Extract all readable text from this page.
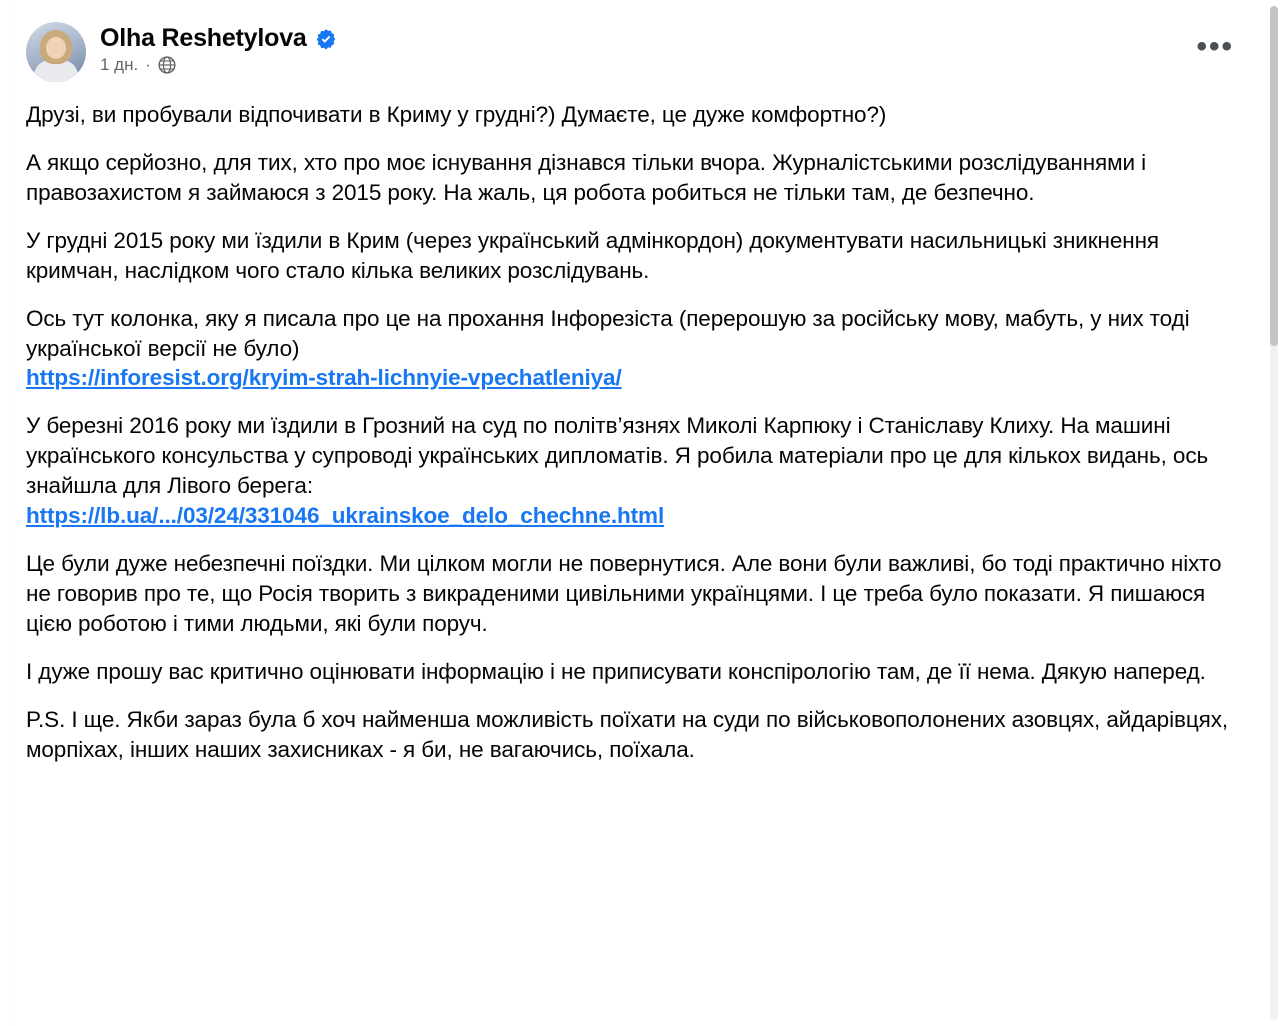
Olha Reshetylova
1 дн. ·
•••

Друзі, ви пробували відпочивати в Криму у грудні?) Думаєте, це дуже комфортно?)

А якщо серйозно, для тих, хто про моє існування дізнався тільки вчора. Журналістськими розслідуваннями і правозахистом я займаюся з 2015 року. На жаль, ця робота робиться не тільки там, де безпечно.

У грудні 2015 року ми їздили в Крим (через український адмінкордон) документувати насильницькі зникнення кримчан, наслідком чого стало кілька великих розслідувань.

Ось тут колонка, яку я писала про це на прохання Інфорезіста (перерошую за російську мову, мабуть, у них тоді української версії не було)
https://inforesist.org/kryim-strah-lichnyie-vpechatleniya/

У березні 2016 року ми їздили в Грозний на суд по політв’язнях Миколі Карпюку і Станіславу Клиху. На машині українського консульства у супроводі українських дипломатів. Я робила матеріали про це для кількох видань, ось знайшла для Лівого берега:
https://lb.ua/.../03/24/331046_ukrainskoe_delo_chechne.html

Це були дуже небезпечні поїздки. Ми цілком могли не повернутися. Але вони були важливі, бо тоді практично ніхто не говорив про те, що Росія творить з викраденими цивільними українцями. І це треба було показати. Я пишаюся цією роботою і тими людьми, які були поруч.

І дуже прошу вас критично оцінювати інформацію і не приписувати конспірологію там, де її нема. Дякую наперед.

P.S. І ще. Якби зараз була б хоч найменша можливість поїхати на суди по військовополонених азовцях, айдарівцях, морпіхах, інших наших захисниках - я би, не вагаючись, поїхала.
